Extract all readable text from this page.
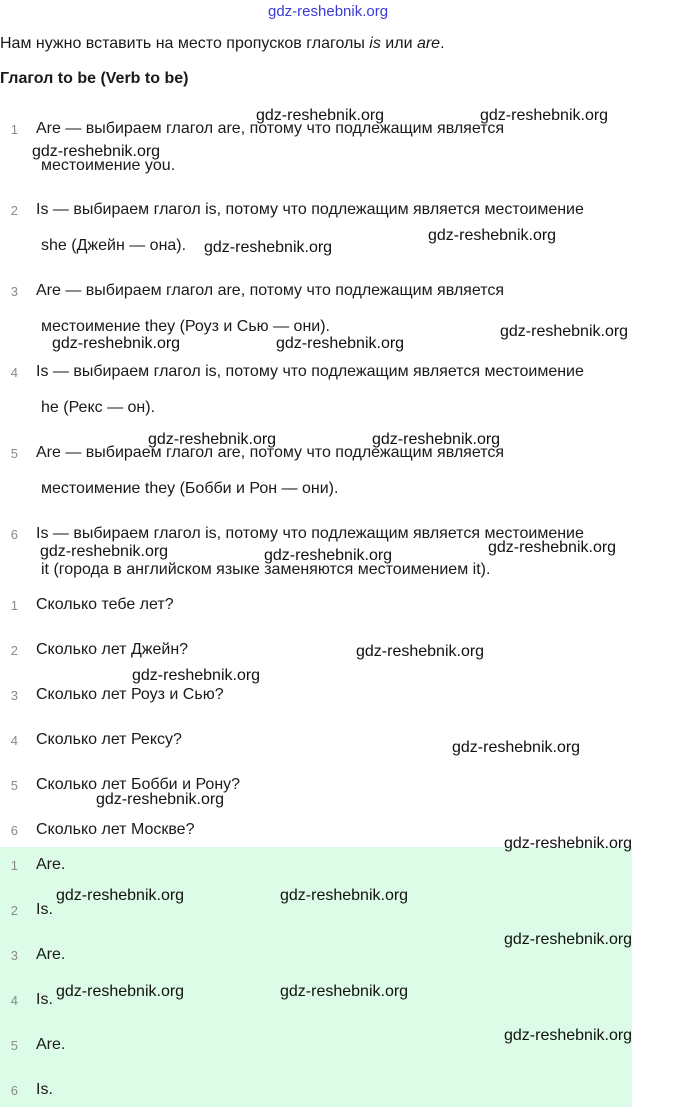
gdz-reshebnik.org
Нам нужно вставить на место пропусков глаголы is или are.
Глагол to be (Verb to be)
1 Are — выбираем глагол are, потому что подлежащим является
местоимение you.
2 Is — выбираем глагол is, потому что подлежащим является местоимение
she (Джейн — она).
3 Are — выбираем глагол are, потому что подлежащим является
местоимение they (Роуз и Сью — они).
4 Is — выбираем глагол is, потому что подлежащим является местоимение
he (Рекс — он).
5 Are — выбираем глагол are, потому что подлежащим является
местоимение they (Бобби и Рон — они).
6 Is — выбираем глагол is, потому что подлежащим является местоимение
it (города в английском языке заменяются местоимением it).
1 Сколько тебе лет?
2 Сколько лет Джейн?
3 Сколько лет Роуз и Сью?
4 Сколько лет Рексу?
5 Сколько лет Бобби и Рону?
6 Сколько лет Москве?
1 Are.
2 Is.
3 Are.
4 Is.
5 Are.
6 Is.
gdz-reshebnik.org	gdz-reshebnik.org
gdz-reshebnik.org
gdz-reshebnik.org
gdz-reshebnik.org
gdz-reshebnik.org
gdz-reshebnik.org	gdz-reshebnik.org
gdz-reshebnik.org	gdz-reshebnik.org
gdz-reshebnik.org	gdz-reshebnik.org	gdz-reshebnik.org
gdz-reshebnik.org
gdz-reshebnik.org
gdz-reshebnik.org
gdz-reshebnik.org
gdz-reshebnik.org
gdz-reshebnik.org	gdz-reshebnik.org
gdz-reshebnik.org
gdz-reshebnik.org	gdz-reshebnik.org
gdz-reshebnik.org
